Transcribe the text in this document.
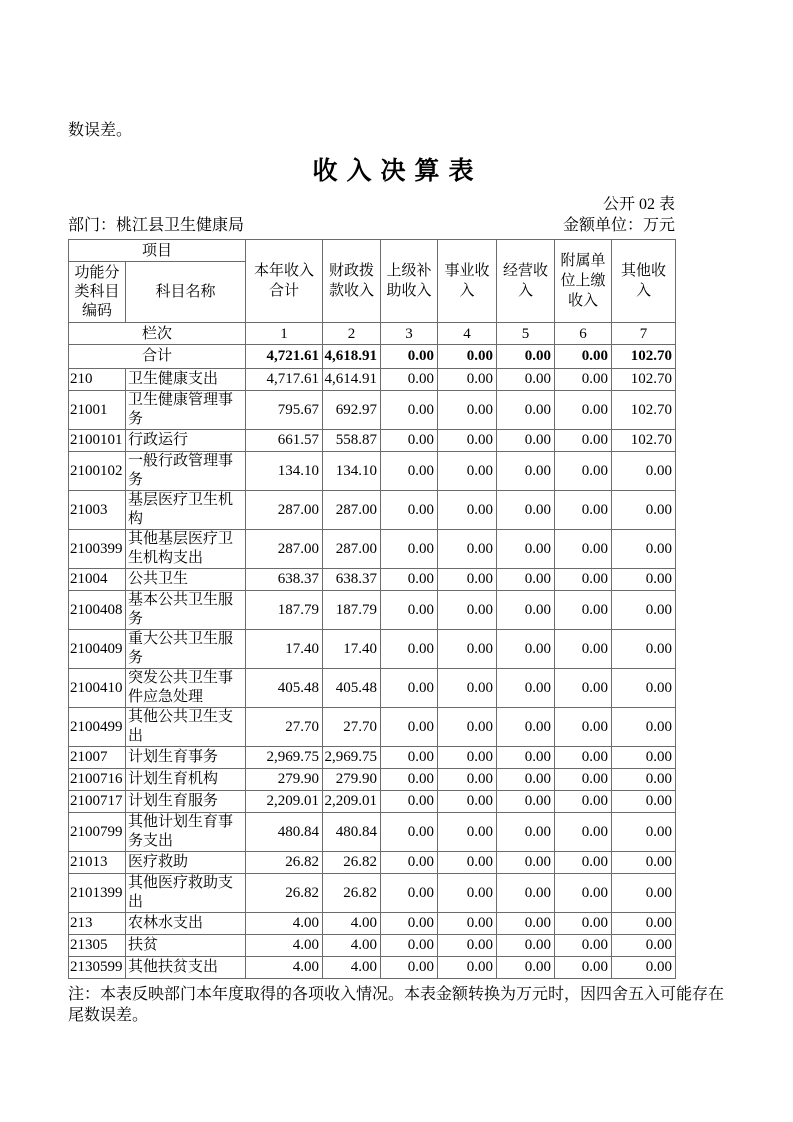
数误差。

收入决算表
公开 02 表
部门：桃江县卫生健康局	金额单位：万元
项目		本年收入合计	财政拨款收入	上级补助收入	事业收入	经营收入	附属单位上缴收入	其他收入
功能分类科目编码	科目名称							
栏次		1	2	3	4	5	6	7
合计		4,721.61	4,618.91	0.00	0.00	0.00	0.00	102.70
210	卫生健康支出	4,717.61	4,614.91	0.00	0.00	0.00	0.00	102.70
21001	卫生健康管理事务	795.67	692.97	0.00	0.00	0.00	0.00	102.70
2100101	行政运行	661.57	558.87	0.00	0.00	0.00	0.00	102.70
2100102	一般行政管理事务	134.10	134.10	0.00	0.00	0.00	0.00	0.00
21003	基层医疗卫生机构	287.00	287.00	0.00	0.00	0.00	0.00	0.00
2100399	其他基层医疗卫生机构支出	287.00	287.00	0.00	0.00	0.00	0.00	0.00
21004	公共卫生	638.37	638.37	0.00	0.00	0.00	0.00	0.00
2100408	基本公共卫生服务	187.79	187.79	0.00	0.00	0.00	0.00	0.00
2100409	重大公共卫生服务	17.40	17.40	0.00	0.00	0.00	0.00	0.00
2100410	突发公共卫生事件应急处理	405.48	405.48	0.00	0.00	0.00	0.00	0.00
2100499	其他公共卫生支出	27.70	27.70	0.00	0.00	0.00	0.00	0.00
21007	计划生育事务	2,969.75	2,969.75	0.00	0.00	0.00	0.00	0.00
2100716	计划生育机构	279.90	279.90	0.00	0.00	0.00	0.00	0.00
2100717	计划生育服务	2,209.01	2,209.01	0.00	0.00	0.00	0.00	0.00
2100799	其他计划生育事务支出	480.84	480.84	0.00	0.00	0.00	0.00	0.00
21013	医疗救助	26.82	26.82	0.00	0.00	0.00	0.00	0.00
2101399	其他医疗救助支出	26.82	26.82	0.00	0.00	0.00	0.00	0.00
213	农林水支出	4.00	4.00	0.00	0.00	0.00	0.00	0.00
21305	扶贫	4.00	4.00	0.00	0.00	0.00	0.00	0.00
2130599	其他扶贫支出	4.00	4.00	0.00	0.00	0.00	0.00	0.00

注：本表反映部门本年度取得的各项收入情况。本表金额转换为万元时，因四舍五入可能存在尾数误差。
